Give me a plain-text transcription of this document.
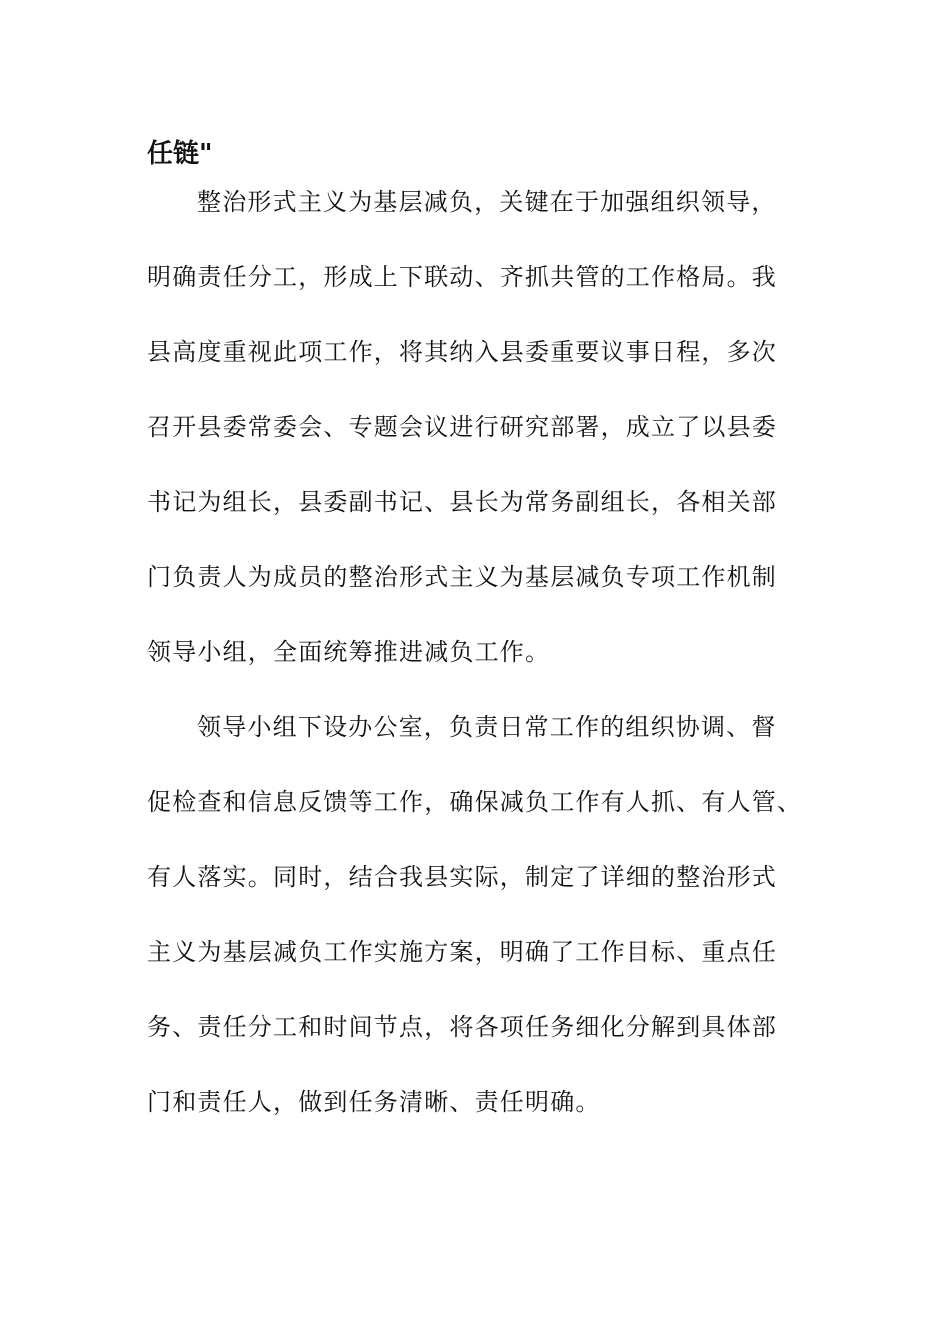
任链"
整治形式主义为基层减负，关键在于加强组织领导，
明确责任分工，形成上下联动、齐抓共管的工作格局。我
县高度重视此项工作，将其纳入县委重要议事日程，多次
召开县委常委会、专题会议进行研究部署，成立了以县委
书记为组长，县委副书记、县长为常务副组长，各相关部
门负责人为成员的整治形式主义为基层减负专项工作机制
领导小组，全面统筹推进减负工作。
领导小组下设办公室，负责日常工作的组织协调、督
促检查和信息反馈等工作，确保减负工作有人抓、有人管、
有人落实。同时，结合我县实际，制定了详细的整治形式
主义为基层减负工作实施方案，明确了工作目标、重点任
务、责任分工和时间节点，将各项任务细化分解到具体部
门和责任人，做到任务清晰、责任明确。
